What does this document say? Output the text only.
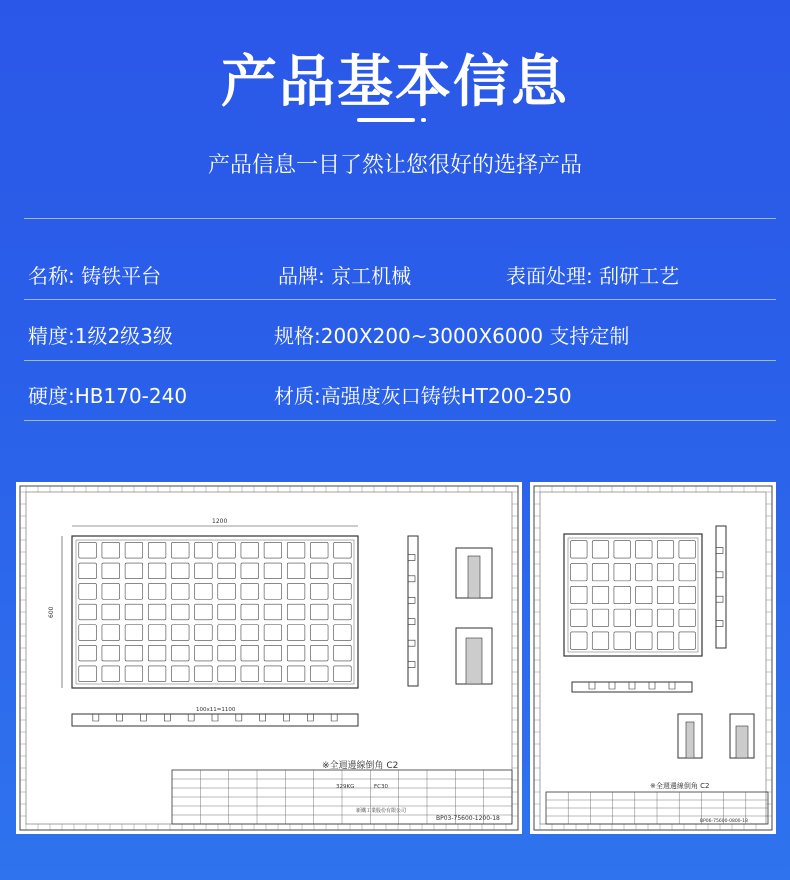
产品基本信息
产品信息一目了然让您很好的选择产品
名称: 铸铁平台	品牌: 京工机械	表面处理: 刮研工艺
精度:1级2级3级	规格:200X200~3000X6000 支持定制
硬度:HB170-240	材质:高强度灰口铸铁HT200-250
1200
600
100x11=1100
※全週邊線倒角 C2
329KG	FC30
新鐵工業股份有限公司
BP03-75600-1200-18
※全週邊線倒角 C2
BP06-75600-0800-18
